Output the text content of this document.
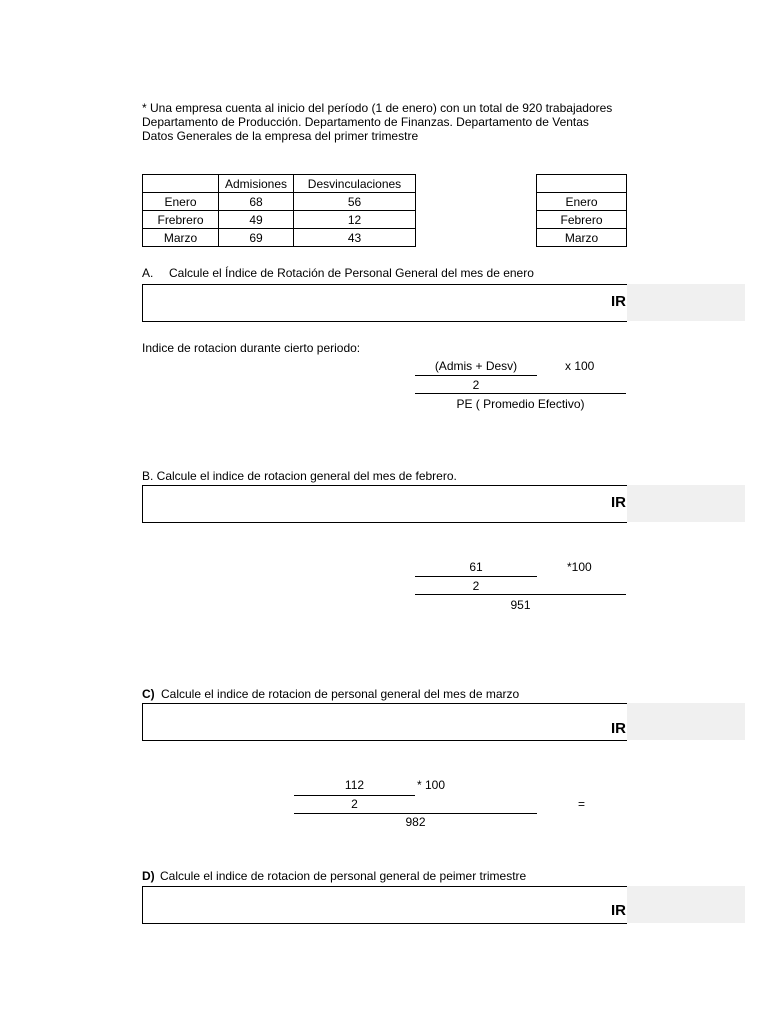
* Una empresa cuenta al inicio del período (1 de enero) con un total de 920 trabajadores
Departamento de Producción. Departamento de Finanzas. Departamento de Ventas
Datos Generales de la empresa del primer trimestre
	Admisiones	Desvinculaciones
Enero	68	56
Frebrero	49	12
Marzo	69	43

Enero
Febrero
Marzo
A. Calcule el Índice de Rotación de Personal General del mes de enero
IR
Indice de rotacion durante cierto periodo:
(Admis + Desv)	x 100
2
PE ( Promedio Efectivo)
B. Calcule el indice de rotacion general del mes de febrero.
IR
61	*100
2
951
C) Calcule el indice de rotacion de personal general del mes de marzo
IR
112	* 100
2	=
982
D) Calcule el indice de rotacion de personal general de peimer trimestre
IR
